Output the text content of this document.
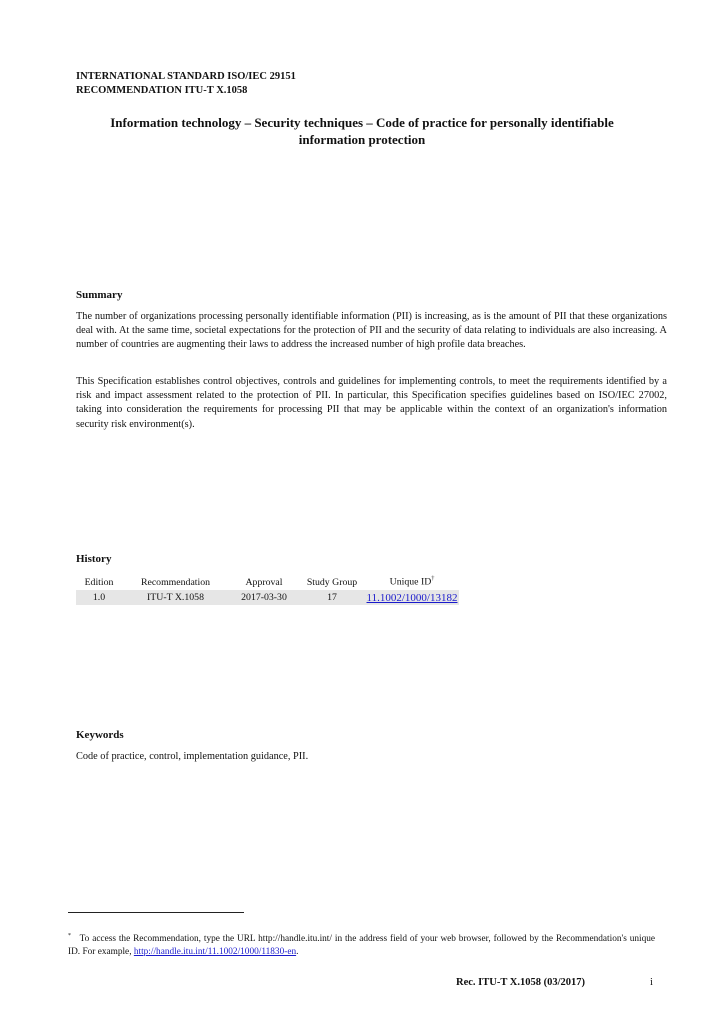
INTERNATIONAL STANDARD ISO/IEC 29151
RECOMMENDATION ITU-T X.1058
Information technology – Security techniques – Code of practice for personally identifiable
information protection
Summary
The number of organizations processing personally identifiable information (PII) is increasing, as is the amount of PII that these organizations deal with. At the same time, societal expectations for the protection of PII and the security of data relating to individuals are also increasing. A number of countries are augmenting their laws to address the increased number of high profile data breaches.
This Specification establishes control objectives, controls and guidelines for implementing controls, to meet the requirements identified by a risk and impact assessment related to the protection of PII. In particular, this Specification specifies guidelines based on ISO/IEC 27002, taking into consideration the requirements for processing PII that may be applicable within the context of an organization's information security risk environment(s).
History
Edition	Recommendation	Approval	Study Group	Unique ID†
1.0	ITU-T X.1058	2017-03-30	17	11.1002/1000/13182
Keywords
Code of practice, control, implementation guidance, PII.
* To access the Recommendation, type the URL http://handle.itu.int/ in the address field of your web browser, followed by the Recommendation's unique ID. For example, http://handle.itu.int/11.1002/1000/11830-en.
Rec. ITU-T X.1058 (03/2017)	i
